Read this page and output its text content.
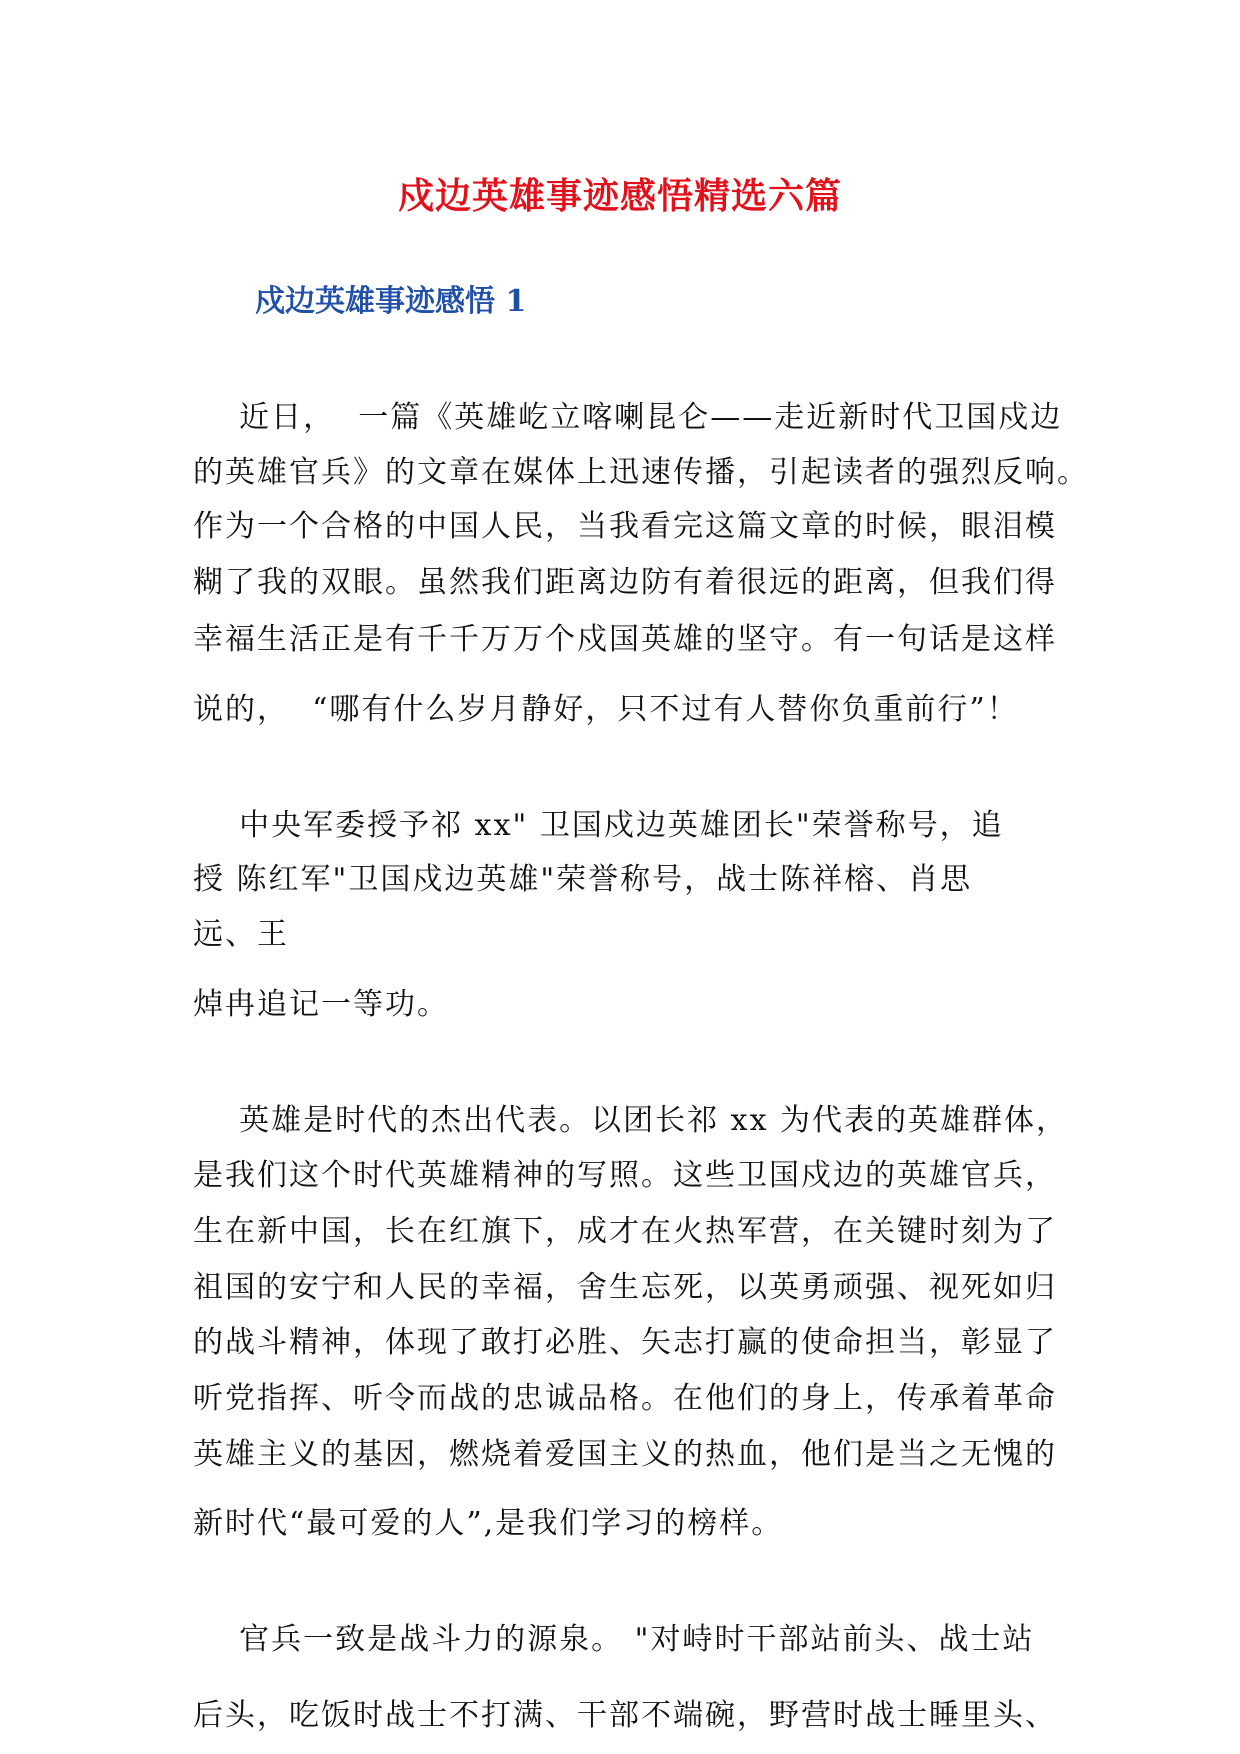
戍边英雄事迹感悟精选六篇
戍边英雄事迹感悟 1
近日，  一篇《英雄屹立喀喇昆仑——走近新时代卫国戍边
的英雄官兵》的文章在媒体上迅速传播，引起读者的强烈反响。
作为一个合格的中国人民，当我看完这篇文章的时候，眼泪模
糊了我的双眼。虽然我们距离边防有着很远的距离，但我们得
幸福生活正是有千千万万个戍国英雄的坚守。有一句话是这样
说的，  “哪有什么岁月静好，只不过有人替你负重前行”！
中央军委授予祁 xx" 卫国戍边英雄团长"荣誉称号，追
授 陈红军"卫国戍边英雄"荣誉称号，战士陈祥榕、肖思
远、王
焯冉追记一等功。
英雄是时代的杰出代表。以团长祁 xx 为代表的英雄群体，
是我们这个时代英雄精神的写照。这些卫国戍边的英雄官兵，
生在新中国，长在红旗下，成才在火热军营，在关键时刻为了
祖国的安宁和人民的幸福，舍生忘死，以英勇顽强、视死如归
的战斗精神，体现了敢打必胜、矢志打赢的使命担当，彰显了
听党指挥、听令而战的忠诚品格。在他们的身上，传承着革命
英雄主义的基因，燃烧着爱国主义的热血，他们是当之无愧的
新时代“最可爱的人”,是我们学习的榜样。
官兵一致是战斗力的源泉。 "对峙时干部站前头、战士站
后头，吃饭时战士不打满、干部不端碗，野营时战士睡里头、
